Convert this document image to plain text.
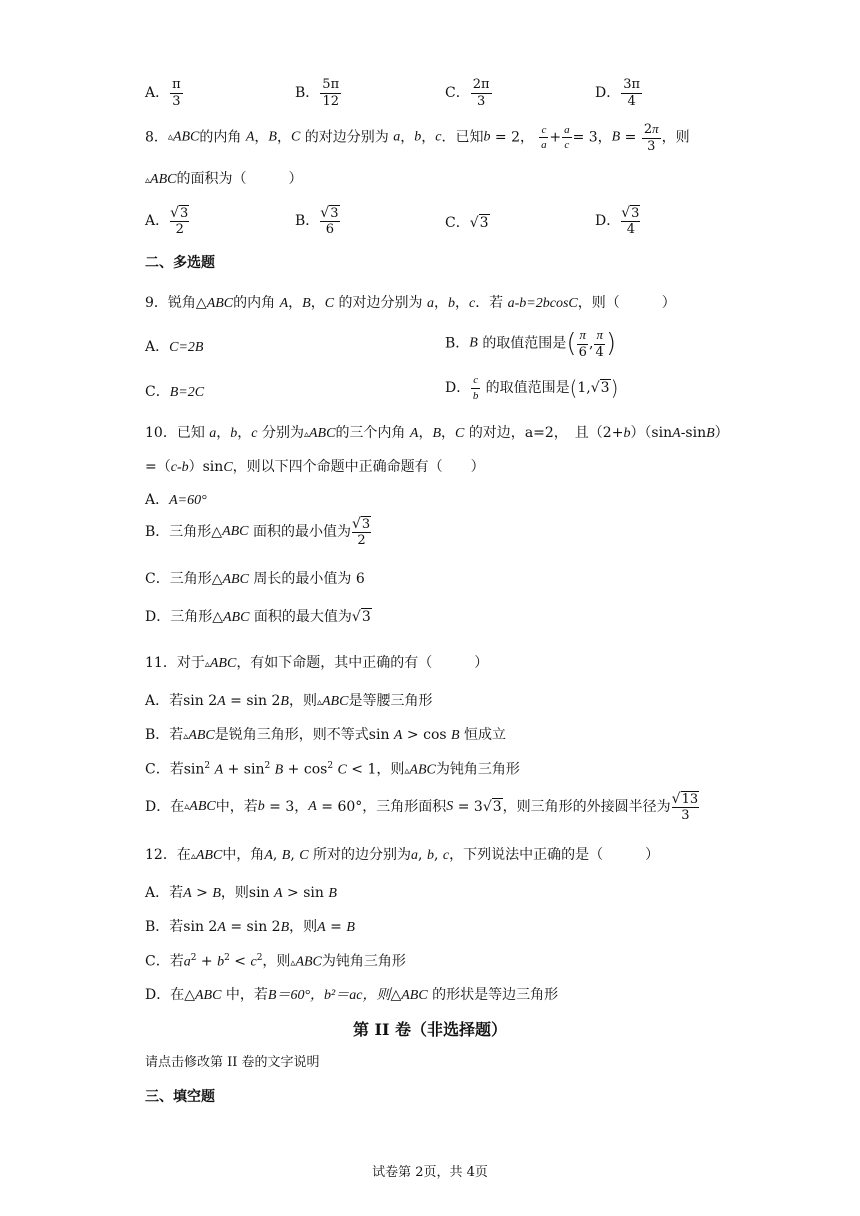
A． $\frac{\pi}{3}$	B． $\frac{5\pi}{12}$	C． $\frac{2\pi}{3}$	D． $\frac{3\pi}{4}$
8．▵ABC的内角 A，B，C 的对边分别为 a，b，c．已知b = 2， $\frac{c}{a} + \frac{a}{c} = 3$，$B = \frac{2\pi}{3}$ ，则
▵ABC的面积为（　　　）
A． $\frac{√3}{2}$	B． $\frac{√3}{6}$	C．√3	D． $\frac{√3}{4}$
二、多选题
9．锐角△ABC的内角 A，B，C 的对边分别为 a，b，c．若 a-b=2bcosC，则（　　　）
A．C=2B	B．B 的取值范围是( $\frac{\pi}{6}$ , $\frac{\pi}{4}$ )
C．B=2C	D． $\frac{c}{b}$ 的取值范围是(1,√3)
10．已知 a，b，c 分别为▵ABC的三个内角 A，B，C 的对边，a=2，　 且（2+b）（sinA-sinB）
=（c-b）sinC，则以下四个命题中正确命题有（　　）
A．A=60°
B．三角形△ABC 面积的最小值为 $\frac{√3}{2}$
C．三角形△ABC 周长的最小值为 6
D．三角形△ABC 面积的最大值为√3
11．对于▵ABC，有如下命题，其中正确的有（　　　）
A．若sin 2A = sin 2B，则▵ABC是等腰三角形
B．若▵ABC是锐角三角形，则不等式sin A > cos B 恒成立
C．若$\sin^2 A + \sin^2 B + \cos^2 C < 1$，则▵ABC为钝角三角形
D．在▵ABC中，若b = 3，A = 60°，三角形面积S = 3√3，则三角形的外接圆半径为 $\frac{√13}{3}$
12．在▵ABC中，角A, B, C 所对的边分别为a, b, c，下列说法中正确的是（　　　）
A．若A > B，则sin A > sin B
B．若sin 2A = sin 2B，则A = B
C．若$a^2 + b^2 < c^2$，则▵ABC为钝角三角形
D．在△ABC 中，若B＝60°，b²＝ac，则△ABC 的形状是等边三角形
第 II 卷（非选择题）
请点击修改第 II 卷的文字说明
三、填空题
试卷第 2页，共 4页
